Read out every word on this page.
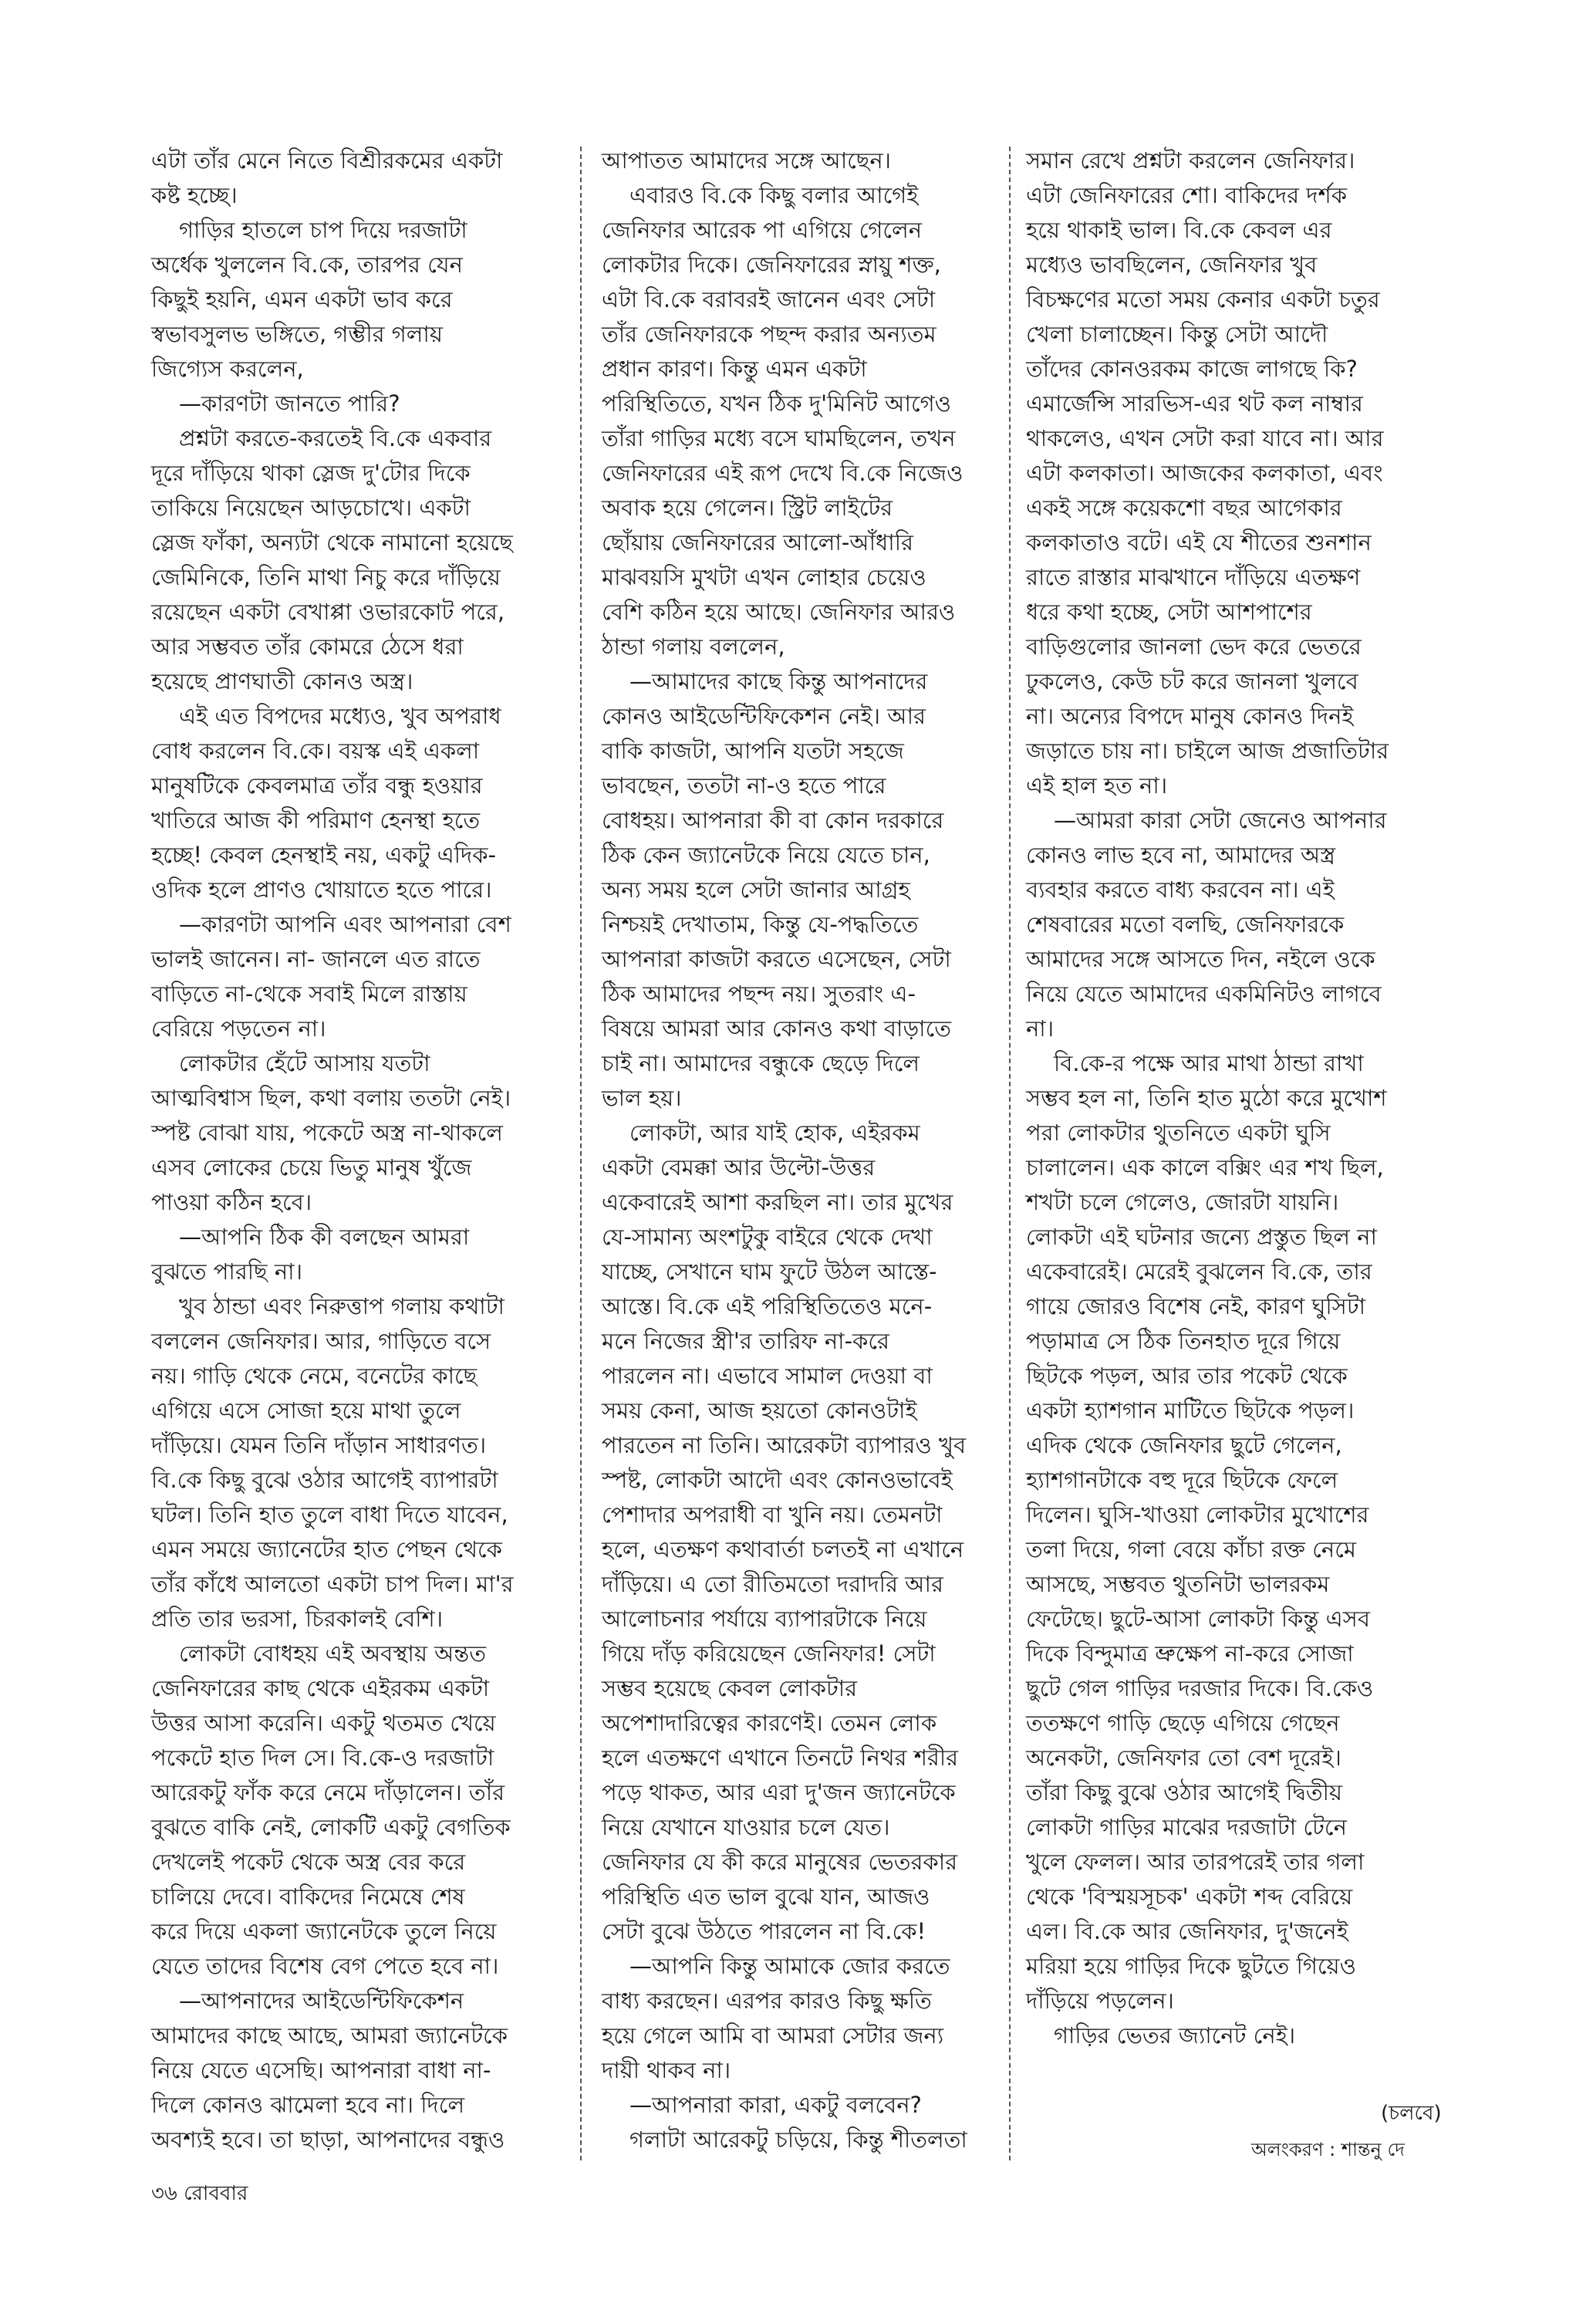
এটা তাঁর মেনে নিতে বিশ্রীরকমের একটা
কষ্ট হচ্ছে।
গাড়ির হাতলে চাপ দিয়ে দরজাটা
অর্ধেক খুললেন বি.কে, তারপর যেন
কিছুই হয়নি, এমন একটা ভাব করে
স্বভাবসুলভ ভঙ্গিতে, গম্ভীর গলায়
জিগ্যেস করলেন,
—কারণটা জানতে পারি?
প্রশ্নটা করতে-করতেই বি.কে একবার
দূরে দাঁড়িয়ে থাকা স্লেজ দু'টোর দিকে
তাকিয়ে নিয়েছেন আড়চোখে। একটা
স্লেজ ফাঁকা, অন্যটা থেকে নামানো হয়েছে
জেমিনিকে, তিনি মাথা নিচু করে দাঁড়িয়ে
রয়েছেন একটা বেখাপ্পা ওভারকোট পরে,
আর সম্ভবত তাঁর কোমরে ঠেসে ধরা
হয়েছে প্রাণঘাতী কোনও অস্ত্র।
এই এত বিপদের মধ্যেও, খুব অপরাধ
বোধ করলেন বি.কে। বয়স্ক এই একলা
মানুষটিকে কেবলমাত্র তাঁর বন্ধু হওয়ার
খাতিরে আজ কী পরিমাণ হেনস্থা হতে
হচ্ছে! কেবল হেনস্থাই নয়, একটু এদিক-
ওদিক হলে প্রাণও খোয়াতে হতে পারে।
—কারণটা আপনি এবং আপনারা বেশ
ভালই জানেন। না- জানলে এত রাতে
বাড়িতে না-থেকে সবাই মিলে রাস্তায়
বেরিয়ে পড়তেন না।
লোকটার হেঁটে আসায় যতটা
আত্মবিশ্বাস ছিল, কথা বলায় ততটা নেই।
স্পষ্ট বোঝা যায়, পকেটে অস্ত্র না-থাকলে
এসব লোকের চেয়ে ভিতু মানুষ খুঁজে
পাওয়া কঠিন হবে।
—আপনি ঠিক কী বলছেন আমরা
বুঝতে পারছি না।
খুব ঠান্ডা এবং নিরুত্তাপ গলায় কথাটা
বললেন জেনিফার। আর, গাড়িতে বসে
নয়। গাড়ি থেকে নেমে, বনেটের কাছে
এগিয়ে এসে সোজা হয়ে মাথা তুলে
দাঁড়িয়ে। যেমন তিনি দাঁড়ান সাধারণত।
বি.কে কিছু বুঝে ওঠার আগেই ব্যাপারটা
ঘটল। তিনি হাত তুলে বাধা দিতে যাবেন,
এমন সময়ে জ্যানেটের হাত পেছন থেকে
তাঁর কাঁধে আলতো একটা চাপ দিল। মা'র
প্রতি তার ভরসা, চিরকালই বেশি।
লোকটা বোধহয় এই অবস্থায় অন্তত
জেনিফারের কাছ থেকে এইরকম একটা
উত্তর আসা করেনি। একটু থতমত খেয়ে
পকেটে হাত দিল সে। বি.কে-ও দরজাটা
আরেকটু ফাঁক করে নেমে দাঁড়ালেন। তাঁর
বুঝতে বাকি নেই, লোকটি একটু বেগতিক
দেখলেই পকেট থেকে অস্ত্র বের করে
চালিয়ে দেবে। বাকিদের নিমেষে শেষ
করে দিয়ে একলা জ্যানেটকে তুলে নিয়ে
যেতে তাদের বিশেষ বেগ পেতে হবে না।
—আপনাদের আইডেন্টিফিকেশন
আমাদের কাছে আছে, আমরা জ্যানেটকে
নিয়ে যেতে এসেছি। আপনারা বাধা না-
দিলে কোনও ঝামেলা হবে না। দিলে
অবশ্যই হবে। তা ছাড়া, আপনাদের বন্ধুও
আপাতত আমাদের সঙ্গে আছেন।
এবারও বি.কে কিছু বলার আগেই
জেনিফার আরেক পা এগিয়ে গেলেন
লোকটার দিকে। জেনিফারের স্নায়ু শক্ত,
এটা বি.কে বরাবরই জানেন এবং সেটা
তাঁর জেনিফারকে পছন্দ করার অন্যতম
প্রধান কারণ। কিন্তু এমন একটা
পরিস্থিতিতে, যখন ঠিক দু'মিনিট আগেও
তাঁরা গাড়ির মধ্যে বসে ঘামছিলেন, তখন
জেনিফারের এই রূপ দেখে বি.কে নিজেও
অবাক হয়ে গেলেন। স্ট্রিট লাইটের
ছোঁয়ায় জেনিফারের আলো-আঁধারি
মাঝবয়সি মুখটা এখন লোহার চেয়েও
বেশি কঠিন হয়ে আছে। জেনিফার আরও
ঠান্ডা গলায় বললেন,
—আমাদের কাছে কিন্তু আপনাদের
কোনও আইডেন্টিফিকেশন নেই। আর
বাকি কাজটা, আপনি যতটা সহজে
ভাবছেন, ততটা না-ও হতে পারে
বোধহয়। আপনারা কী বা কোন দরকারে
ঠিক কেন জ্যানেটকে নিয়ে যেতে চান,
অন্য সময় হলে সেটা জানার আগ্রহ
নিশ্চয়ই দেখাতাম, কিন্তু যে-পদ্ধতিতে
আপনারা কাজটা করতে এসেছেন, সেটা
ঠিক আমাদের পছন্দ নয়। সুতরাং এ-
বিষয়ে আমরা আর কোনও কথা বাড়াতে
চাই না। আমাদের বন্ধুকে ছেড়ে দিলে
ভাল হয়।
লোকটা, আর যাই হোক, এইরকম
একটা বেমক্কা আর উল্টো-উত্তর
একেবারেই আশা করছিল না। তার মুখের
যে-সামান্য অংশটুকু বাইরে থেকে দেখা
যাচ্ছে, সেখানে ঘাম ফুটে উঠল আস্তে-
আস্তে। বি.কে এই পরিস্থিতিতেও মনে-
মনে নিজের স্ত্রী'র তারিফ না-করে
পারলেন না। এভাবে সামাল দেওয়া বা
সময় কেনা, আজ হয়তো কোনওটাই
পারতেন না তিনি। আরেকটা ব্যাপারও খুব
স্পষ্ট, লোকটা আদৌ এবং কোনওভাবেই
পেশাদার অপরাধী বা খুনি নয়। তেমনটা
হলে, এতক্ষণ কথাবার্তা চলতই না এখানে
দাঁড়িয়ে। এ তো রীতিমতো দরাদরি আর
আলোচনার পর্যায়ে ব্যাপারটাকে নিয়ে
গিয়ে দাঁড় করিয়েছেন জেনিফার! সেটা
সম্ভব হয়েছে কেবল লোকটার
অপেশাদারিত্বের কারণেই। তেমন লোক
হলে এতক্ষণে এখানে তিনটে নিথর শরীর
পড়ে থাকত, আর এরা দু'জন জ্যানেটকে
নিয়ে যেখানে যাওয়ার চলে যেত।
জেনিফার যে কী করে মানুষের ভেতরকার
পরিস্থিতি এত ভাল বুঝে যান, আজও
সেটা বুঝে উঠতে পারলেন না বি.কে!
—আপনি কিন্তু আমাকে জোর করতে
বাধ্য করছেন। এরপর কারও কিছু ক্ষতি
হয়ে গেলে আমি বা আমরা সেটার জন্য
দায়ী থাকব না।
—আপনারা কারা, একটু বলবেন?
গলাটা আরেকটু চড়িয়ে, কিন্তু শীতলতা
সমান রেখে প্রশ্নটা করলেন জেনিফার।
এটা জেনিফারের শো। বাকিদের দর্শক
হয়ে থাকাই ভাল। বি.কে কেবল এর
মধ্যেও ভাবছিলেন, জেনিফার খুব
বিচক্ষণের মতো সময় কেনার একটা চতুর
খেলা চালাচ্ছেন। কিন্তু সেটা আদৌ
তাঁদের কোনওরকম কাজে লাগছে কি?
এমার্জেন্সি সারভিস-এর থট কল নাম্বার
থাকলেও, এখন সেটা করা যাবে না। আর
এটা কলকাতা। আজকের কলকাতা, এবং
একই সঙ্গে কয়েকশো বছর আগেকার
কলকাতাও বটে। এই যে শীতের শুনশান
রাতে রাস্তার মাঝখানে দাঁড়িয়ে এতক্ষণ
ধরে কথা হচ্ছে, সেটা আশপাশের
বাড়িগুলোর জানলা ভেদ করে ভেতরে
ঢুকলেও, কেউ চট করে জানলা খুলবে
না। অন্যের বিপদে মানুষ কোনও দিনই
জড়াতে চায় না। চাইলে আজ প্রজাতিটার
এই হাল হত না।
—আমরা কারা সেটা জেনেও আপনার
কোনও লাভ হবে না, আমাদের অস্ত্র
ব্যবহার করতে বাধ্য করবেন না। এই
শেষবারের মতো বলছি, জেনিফারকে
আমাদের সঙ্গে আসতে দিন, নইলে ওকে
নিয়ে যেতে আমাদের একমিনিটও লাগবে
না।
বি.কে-র পক্ষে আর মাথা ঠান্ডা রাখা
সম্ভব হল না, তিনি হাত মুঠো করে মুখোশ
পরা লোকটার থুতনিতে একটা ঘুসি
চালালেন। এক কালে বক্সিং এর শখ ছিল,
শখটা চলে গেলেও, জোরটা যায়নি।
লোকটা এই ঘটনার জন্যে প্রস্তুত ছিল না
একেবারেই। মেরেই বুঝলেন বি.কে, তার
গায়ে জোরও বিশেষ নেই, কারণ ঘুসিটা
পড়ামাত্র সে ঠিক তিনহাত দূরে গিয়ে
ছিটকে পড়ল, আর তার পকেট থেকে
একটা হ্যাশগান মাটিতে ছিটকে পড়ল।
এদিক থেকে জেনিফার ছুটে গেলেন,
হ্যাশগানটাকে বহু দূরে ছিটকে ফেলে
দিলেন। ঘুসি-খাওয়া লোকটার মুখোশের
তলা দিয়ে, গলা বেয়ে কাঁচা রক্ত নেমে
আসছে, সম্ভবত থুতনিটা ভালরকম
ফেটেছে। ছুটে-আসা লোকটা কিন্তু এসব
দিকে বিন্দুমাত্র ভ্রুক্ষেপ না-করে সোজা
ছুটে গেল গাড়ির দরজার দিকে। বি.কেও
ততক্ষণে গাড়ি ছেড়ে এগিয়ে গেছেন
অনেকটা, জেনিফার তো বেশ দূরেই।
তাঁরা কিছু বুঝে ওঠার আগেই দ্বিতীয়
লোকটা গাড়ির মাঝের দরজাটা টেনে
খুলে ফেলল। আর তারপরেই তার গলা
থেকে 'বিস্ময়সূচক' একটা শব্দ বেরিয়ে
এল। বি.কে আর জেনিফার, দু'জনেই
মরিয়া হয়ে গাড়ির দিকে ছুটতে গিয়েও
দাঁড়িয়ে পড়লেন।
গাড়ির ভেতর জ্যানেট নেই।
(চলবে)
অলংকরণ : শান্তনু দে
৩৬ রোববার
